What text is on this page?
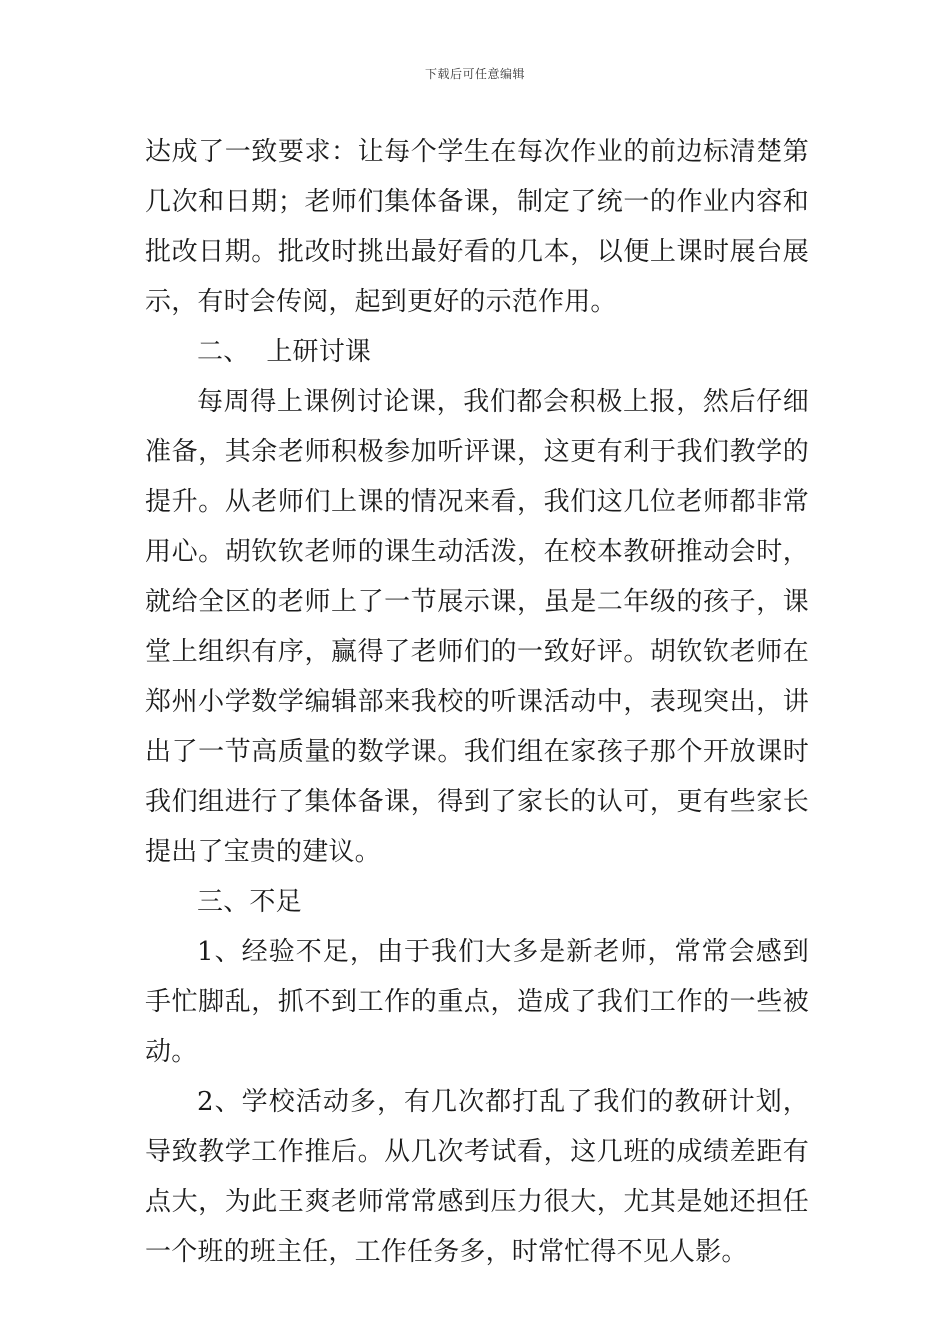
下载后可任意编辑

达成了一致要求：让每个学生在每次作业的前边标清楚第几次和日期；老师们集体备课，制定了统一的作业内容和批改日期。批改时挑出最好看的几本，以便上课时展台展示，有时会传阅，起到更好的示范作用。

二、  上研讨课

每周得上课例讨论课，我们都会积极上报，然后仔细准备，其余老师积极参加听评课，这更有利于我们教学的提升。从老师们上课的情况来看，我们这几位老师都非常用心。胡钦钦老师的课生动活泼，在校本教研推动会时，就给全区的老师上了一节展示课，虽是二年级的孩子，课堂上组织有序，赢得了老师们的一致好评。胡钦钦老师在郑州小学数学编辑部来我校的听课活动中，表现突出，讲出了一节高质量的数学课。我们组在家孩子那个开放课时我们组进行了集体备课，得到了家长的认可，更有些家长提出了宝贵的建议。

三、不足

1、经验不足，由于我们大多是新老师，常常会感到手忙脚乱，抓不到工作的重点，造成了我们工作的一些被动。

2、学校活动多，有几次都打乱了我们的教研计划，导致教学工作推后。从几次考试看，这几班的成绩差距有点大，为此王爽老师常常感到压力很大，尤其是她还担任一个班的班主任，工作任务多，时常忙得不见人影。
